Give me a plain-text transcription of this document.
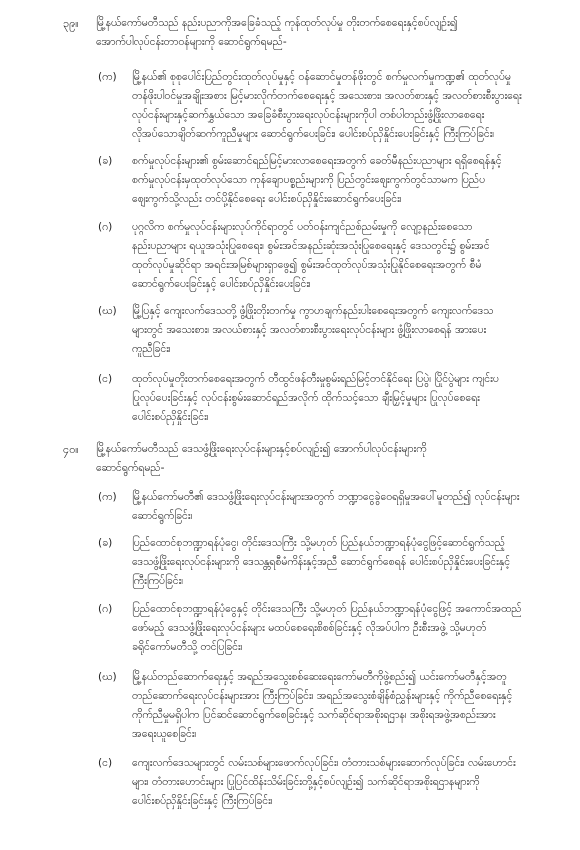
၃၉။	မြို့နယ်ကော်မတီသည် နည်းပညာကိုအခြေခံသည့် ကုန်ထုတ်လုပ်မှု တိုးတက်စေရေးနှင့်စပ်လျဉ်း၍
အောက်ပါလုပ်ငန်းတာဝန်များကို ဆောင်ရွက်ရမည်-
(က)	မြို့နယ်၏ စုစုပေါင်းပြည်တွင်းထုတ်လုပ်မှုနှင့် ဝန်ဆောင်မှုတန်ဖိုးတွင် စက်မှုလက်မှုကဏ္ဍ၏ ထုတ်လုပ်မှု
တန်ဖိုးပါဝင်မှုအချိုးအစား မြင့်မားလိုက်တက်စေရေးနှင့် အသေးစား၊ အလတ်စားနှင့် အလတ်စားစီးပွားရေး
လုပ်ငန်းများနှင့်ဆက်နွှယ်သော အခြေခံစီးပွားရေးလုပ်ငန်းများကိုပါ တစ်ပါတည်းဖွံ့ဖြိုးလာစေရေး
လိုအပ်သောချိတ်ဆက်ကူညီမှုများ ဆောင်ရွက်ပေးခြင်း၊ ပေါင်းစပ်ညှိနှိုင်းပေးခြင်းနှင့် ကြီးကြပ်ခြင်း၊
(ခ)	စက်မှုလုပ်ငန်းများ၏ စွမ်းဆောင်ရည်မြင့်မားလာစေရေးအတွက် ခေတ်မီနည်းပညာများ ရရှိစေရန်နှင့်
စက်မှုလုပ်ငန်းမှထုတ်လုပ်သော ကုန်ချောပစ္စည်းများကို ပြည်တွင်းဈေးကွက်တွင်သာမက ပြည်ပ
ဈေးကွက်သို့လည်း တင်ပို့နိုင်စေရေး ပေါင်းစပ်ညှိနှိုင်းဆောင်ရွက်ပေးခြင်း၊
(ဂ)	ပုဂ္ဂလိက စက်မှုလုပ်ငန်းများလုပ်ကိုင်ရာတွင် ပတ်ဝန်းကျင်ညစ်ညမ်းမှုကို လျော့နည်းစေသော
နည်းပညာများ ရယူအသုံးပြုစေရေး၊ စွမ်းအင်အနည်းဆုံးအသုံးပြုစေရေးနှင့် ဒေသတွင်း၌ စွမ်းအင်
ထုတ်လုပ်မှုဆိုင်ရာ အရင်းအမြစ်များရှာဖွေ၍ စွမ်းအင်ထုတ်လုပ်အသုံးပြုနိုင်စေရေးအတွက် စီမံ
ဆောင်ရွက်ပေးခြင်းနှင့် ပေါင်းစပ်ညှိနှိုင်းပေးခြင်း၊
(ဃ)	မြို့ပြနှင့် ကျေးလက်ဒေသတို့ ဖွံ့ဖြိုးတိုးတက်မှု ကွာဟချက်နည်းပါးစေရေးအတွက် ကျေးလက်ဒေသ
များတွင် အသေးစား၊ အလယ်စားနှင့် အလတ်စားစီးပွားရေးလုပ်ငန်းများ ဖွံ့ဖြိုးလာစေရန် အားပေး
ကူညီခြင်း၊
(င)	ထုတ်လုပ်မှုတိုးတက်စေရေးအတွက် တီထွင်ဖန်တီးမှုစွမ်းရည်မြင့်တင်နိုင်ရေး ပြပွဲ၊ ပြိုင်ပွဲများ ကျင်းပ
ပြုလုပ်ပေးခြင်းနှင့် လုပ်ငန်းစွမ်းဆောင်ရည်အလိုက် ထိုက်သင့်သော ချီးမြှင့်မှုများ ပြုလုပ်စေရေး
ပေါင်းစပ်ညှိနှိုင်းခြင်း၊
၄၀။	မြို့နယ်ကော်မတီသည် ဒေသဖွံ့ဖြိုးရေးလုပ်ငန်းများနှင့်စပ်လျဉ်း၍ အောက်ပါလုပ်ငန်းများကို
ဆောင်ရွက်ရမည်-
(က)	မြို့နယ်ကော်မတီ၏ ဒေသဖွံ့ဖြိုးရေးလုပ်ငန်းများအတွက် ဘဏ္ဍာငွေခွဲဝေရရှိမှုအပေါ်မူတည်၍ လုပ်ငန်းများ
ဆောင်ရွက်ခြင်း၊
(ခ)	ပြည်ထောင်စုဘဏ္ဍာရန်ပုံငွေ၊ တိုင်းဒေသကြီး သို့မဟုတ် ပြည်နယ်ဘဏ္ဍာရန်ပုံငွေဖြင့်ဆောင်ရွက်သည့်
ဒေသဖွံ့ဖြိုးရေးလုပ်ငန်းများကို ဒေသန္တရစီမံကိန်းနှင့်အညီ ဆောင်ရွက်စေရန် ပေါင်းစပ်ညှိနှိုင်းပေးခြင်းနှင့်
ကြီးကြပ်ခြင်း၊
(ဂ)	ပြည်ထောင်စုဘဏ္ဍာရန်ပုံငွေနှင့် တိုင်းဒေသကြီး သို့မဟုတ် ပြည်နယ်ဘဏ္ဍာရန်ပုံငွေဖြင့် အကောင်အထည်
ဖော်မည့် ဒေသဖွံ့ဖြိုးရေးလုပ်ငန်းများ မထပ်စေရေးစိစစ်ခြင်းနှင့် လိုအပ်ပါက ဦးစီးအဖွဲ့ သို့မဟုတ်
ခရိုင်ကော်မတီသို့ တင်ပြခြင်း၊
(ဃ)	မြို့နယ်တည်ဆောက်ရေးနှင့် အရည်အသွေးစစ်ဆေးရေးကော်မတီကိုဖွဲ့စည်း၍ ယင်းကော်မတီနှင့်အတူ
တည်ဆောက်ရေးလုပ်ငန်းများအား ကြီးကြပ်ခြင်း၊ အရည်အသွေးစံချိန်စံညွှန်းများနှင့် ကိုက်ညီစေရေးနှင့်
ကိုက်ညီမှုမရှိပါက ပြင်ဆင်ဆောင်ရွက်စေခြင်းနှင့် သက်ဆိုင်ရာအစိုးရဌာန၊ အစိုးရအဖွဲ့အစည်းအား
အရေးယူစေခြင်း၊
(င)	ကျေးလက်ဒေသများတွင် လမ်းသစ်များဖောက်လုပ်ခြင်း၊ တံတားသစ်များဆောက်လုပ်ခြင်း၊ လမ်းဟောင်း
များ၊ တံတားဟောင်းများ ပြုပြင်ထိန်းသိမ်းခြင်းတို့နှင့်စပ်လျဉ်း၍ သက်ဆိုင်ရာအစိုးရဌာနများကို
ပေါင်းစပ်ညှိနှိုင်းခြင်းနှင့် ကြီးကြပ်ခြင်း၊
